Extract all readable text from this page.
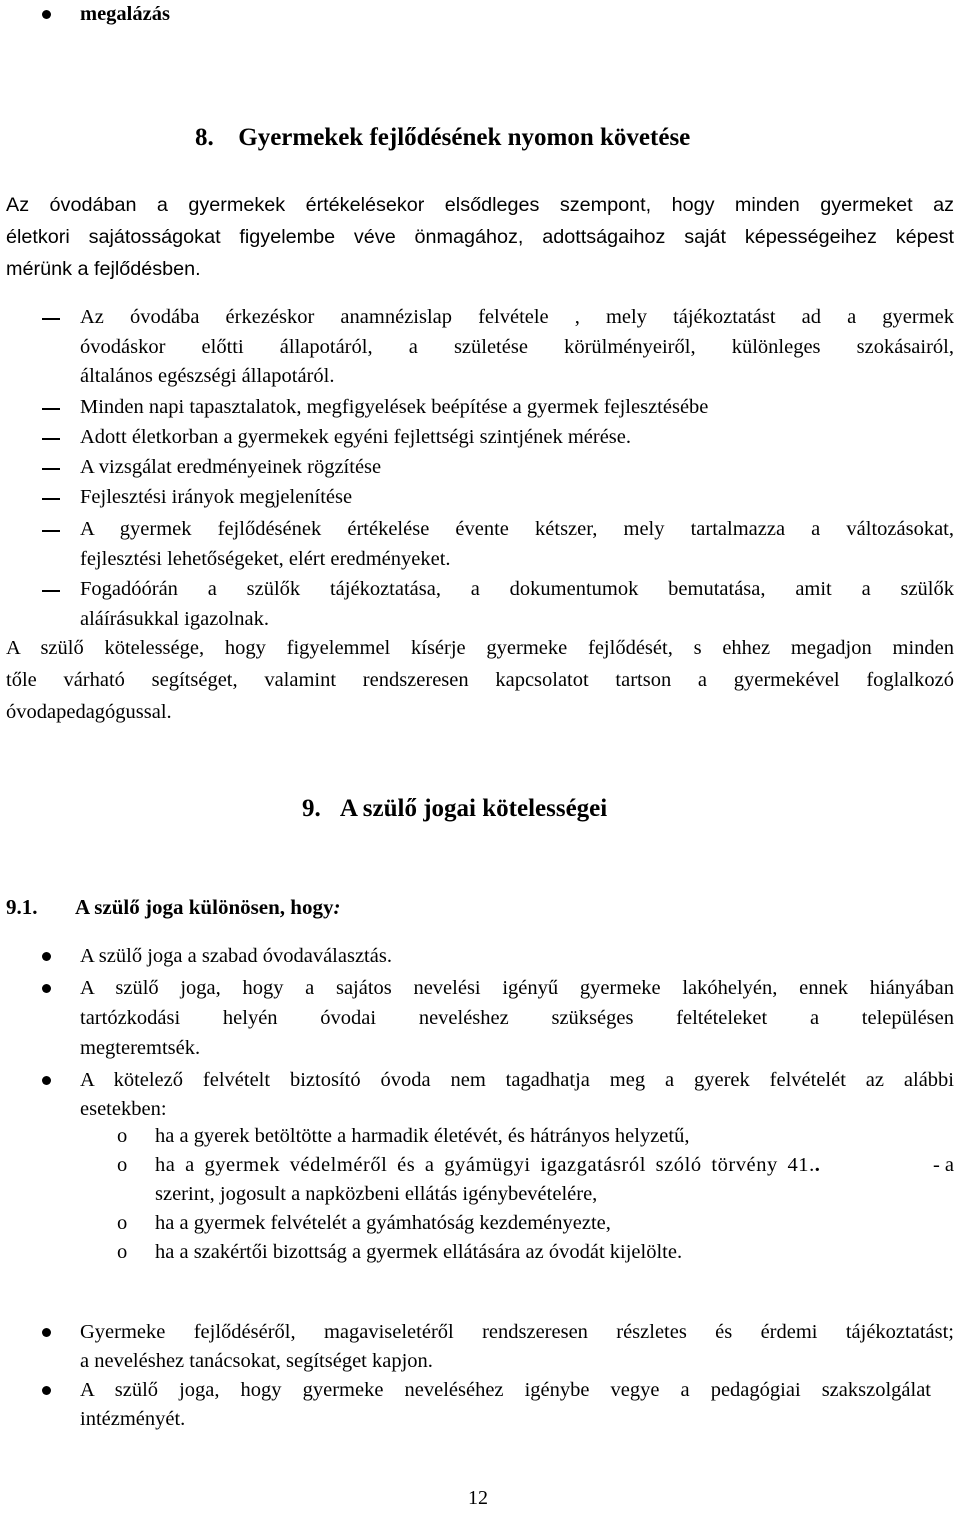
megalázás
8. Gyermekek fejlődésének nyomon követése
Az óvodában a gyermekek értékelésekor elsődleges szempont, hogy minden gyermeket az
életkori sajátosságokat figyelembe véve önmagához, adottságaihoz saját képességeihez képest
mérünk a fejlődésben.
Az óvodába érkezéskor anamnézislap felvétele , mely tájékoztatást ad a gyermek
óvodáskor előtti állapotáról, a születése körülményeiről, különleges szokásairól,
általános egészségi állapotáról.
Minden napi tapasztalatok, megfigyelések beépítése a gyermek fejlesztésébe
Adott életkorban a gyermekek egyéni fejlettségi szintjének mérése.
A vizsgálat eredményeinek rögzítése
Fejlesztési irányok megjelenítése
A gyermek fejlődésének értékelése évente kétszer, mely tartalmazza a változásokat,
fejlesztési lehetőségeket, elért eredményeket.
Fogadóórán a szülők tájékoztatása, a dokumentumok bemutatása, amit a szülők
aláírásukkal igazolnak.
A szülő kötelessége, hogy figyelemmel kísérje gyermeke fejlődését, s ehhez megadjon minden
tőle várható segítséget, valamint rendszeresen kapcsolatot tartson a gyermekével foglalkozó
óvodapedagógussal.
9. A szülő jogai kötelességei
9.1. A szülő joga különösen, hogy:
A szülő joga a szabad óvodaválasztás.
A szülő joga, hogy a sajátos nevelési igényű gyermeke lakóhelyén, ennek hiányában
tartózkodási helyén óvodai neveléshez szükséges feltételeket a településen
megteremtsék.
A kötelező felvételt biztosító óvoda nem tagadhatja meg a gyerek felvételét az alábbi
esetekben:
o ha a gyerek betöltötte a harmadik életévét, és hátrányos helyzetű,
o ha a gyermek védelméről és a gyámügyi igazgatásról szóló törvény 41..	- a
szerint, jogosult a napközbeni ellátás igénybevételére,
o ha a gyermek felvételét a gyámhatóság kezdeményezte,
o ha a szakértői bizottság a gyermek ellátására az óvodát kijelölte.
Gyermeke fejlődéséről, magaviseletéről rendszeresen részletes és érdemi tájékoztatást;
a neveléshez tanácsokat, segítséget kapjon.
A szülő joga, hogy gyermeke neveléséhez igénybe vegye a pedagógiai szakszolgálat
intézményét.
12
